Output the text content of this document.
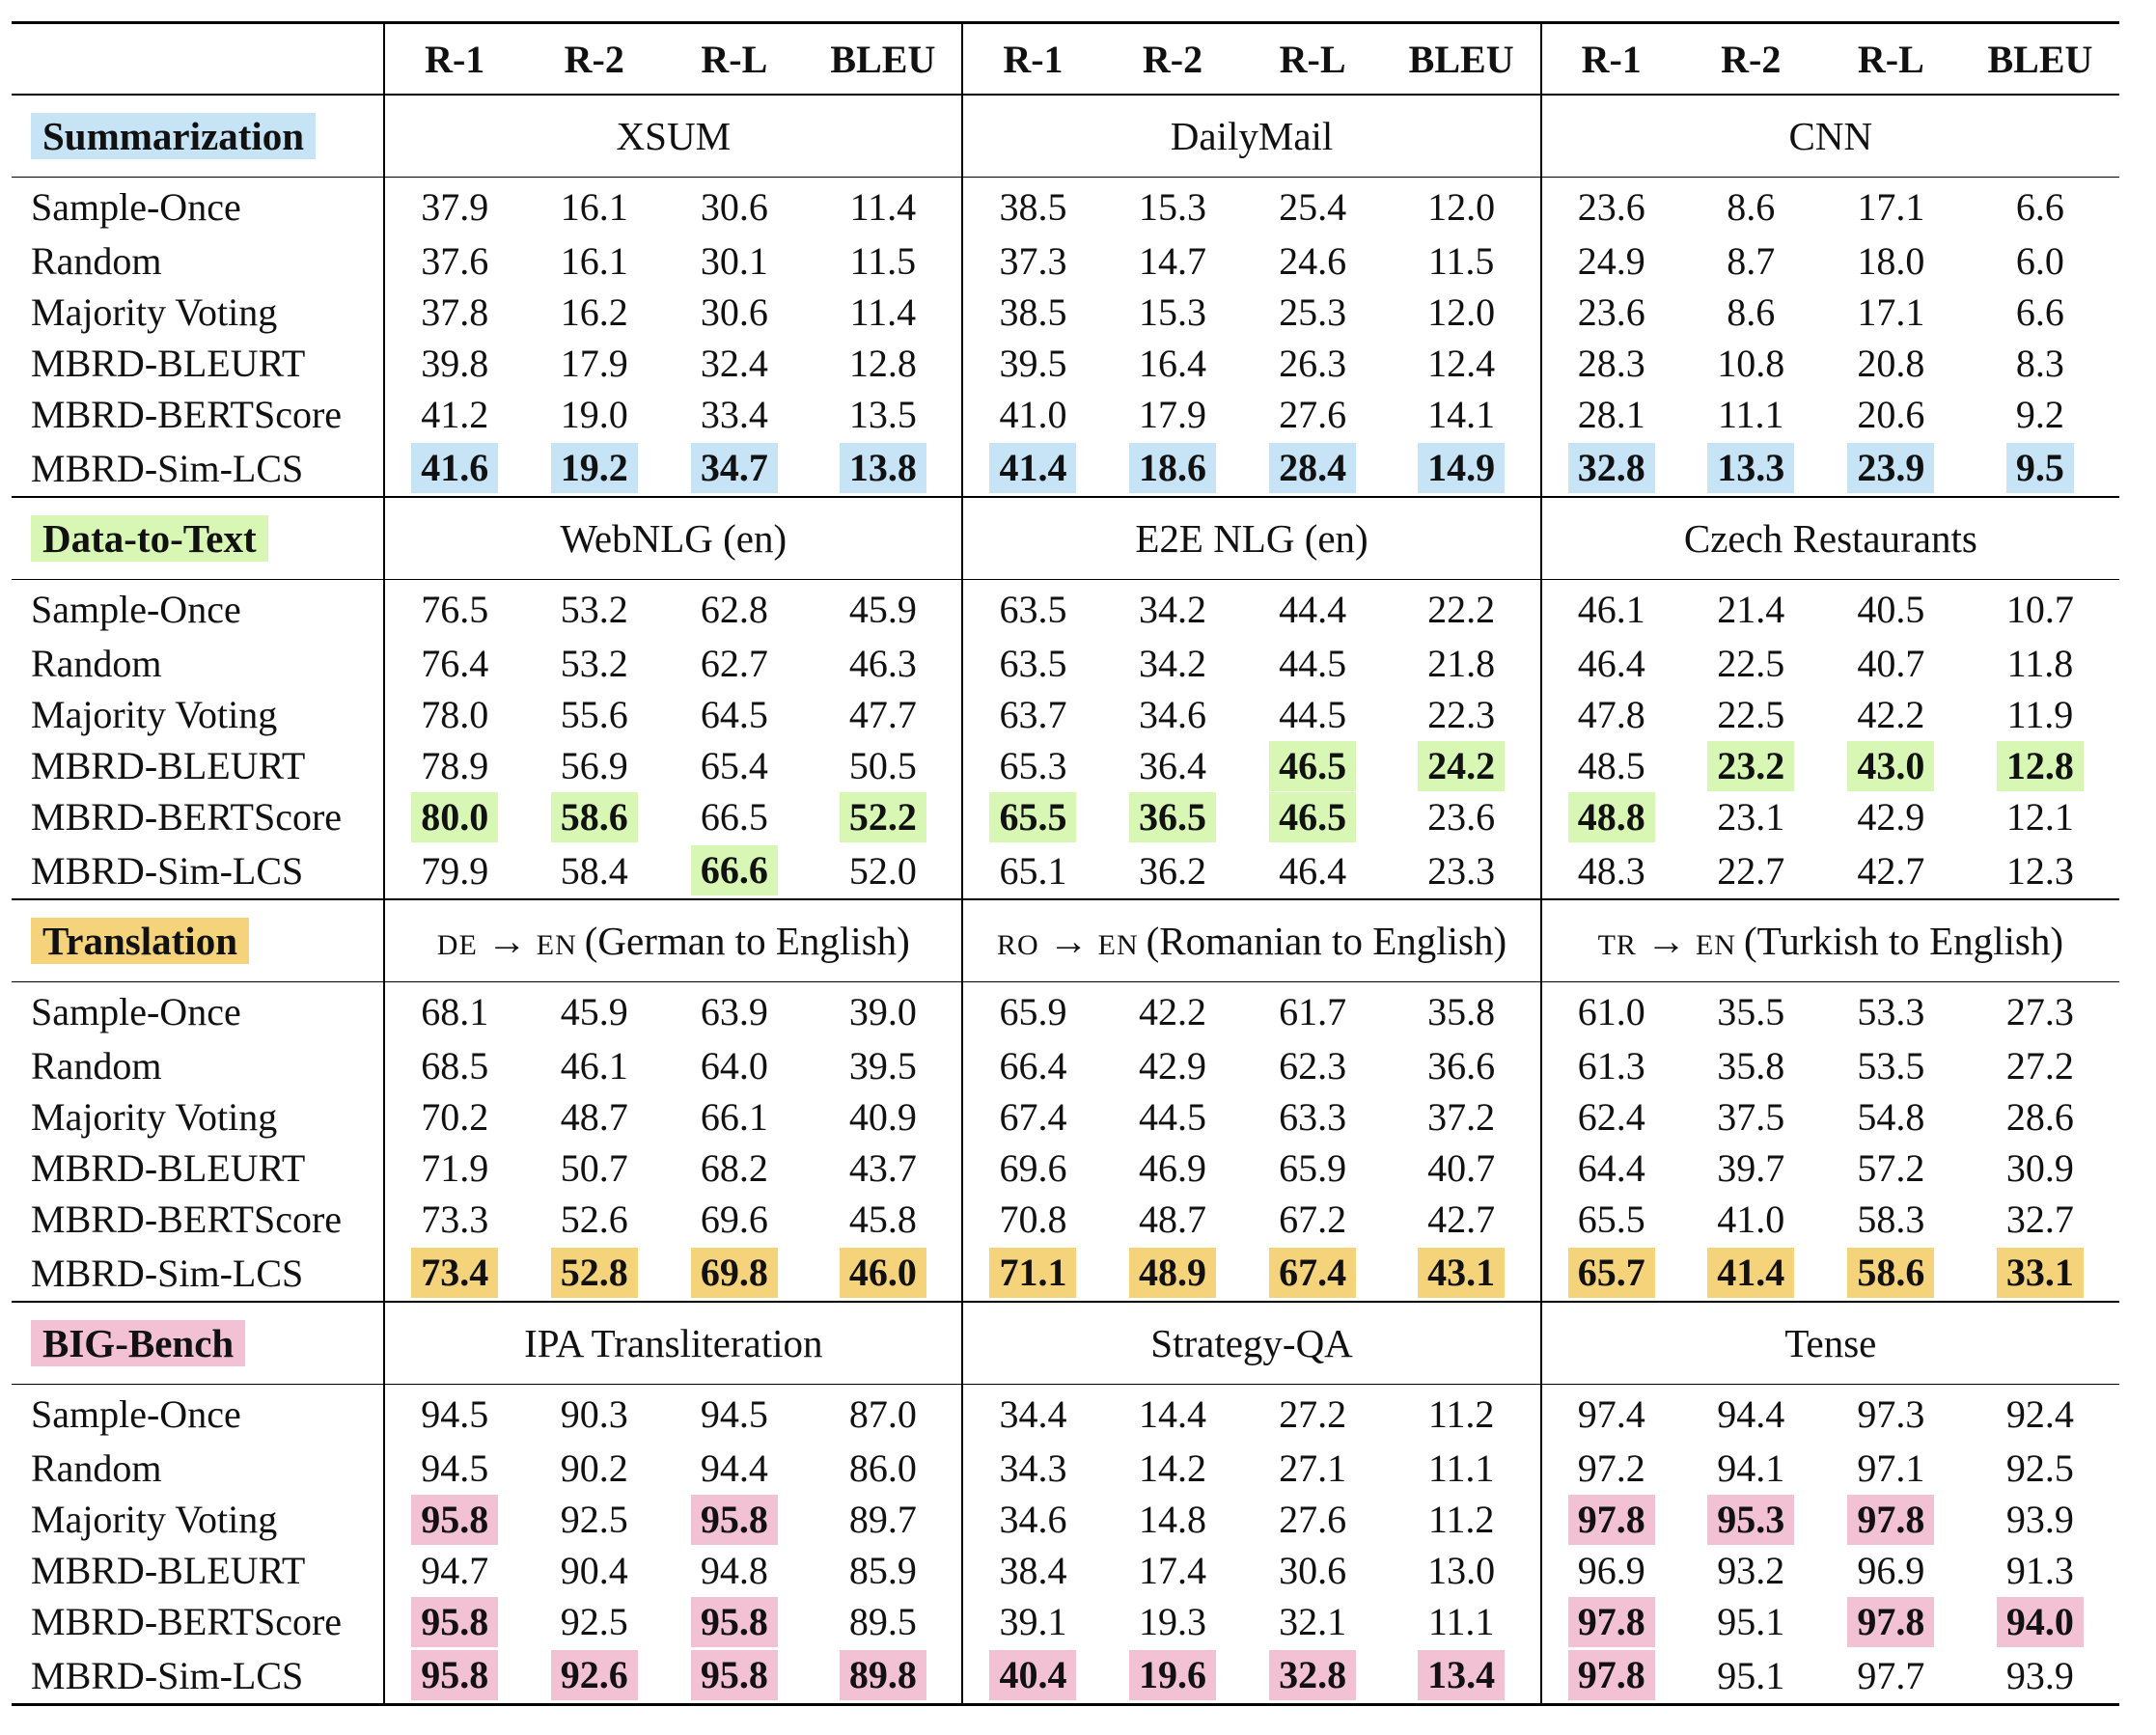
	R-1	R-2	R-L	BLEU	R-1	R-2	R-L	BLEU	R-1	R-2	R-L	BLEU
Summarization	XSUM				DailyMail				CNN			
Sample-Once	37.9	16.1	30.6	11.4	38.5	15.3	25.4	12.0	23.6	8.6	17.1	6.6
Random	37.6	16.1	30.1	11.5	37.3	14.7	24.6	11.5	24.9	8.7	18.0	6.0
Majority Voting	37.8	16.2	30.6	11.4	38.5	15.3	25.3	12.0	23.6	8.6	17.1	6.6
MBRD-BLEURT	39.8	17.9	32.4	12.8	39.5	16.4	26.3	12.4	28.3	10.8	20.8	8.3
MBRD-BERTScore	41.2	19.0	33.4	13.5	41.0	17.9	27.6	14.1	28.1	11.1	20.6	9.2
MBRD-Sim-LCS	41.6	19.2	34.7	13.8	41.4	18.6	28.4	14.9	32.8	13.3	23.9	9.5
Data-to-Text	WebNLG (en)				E2E NLG (en)				Czech Restaurants			
Sample-Once	76.5	53.2	62.8	45.9	63.5	34.2	44.4	22.2	46.1	21.4	40.5	10.7
Random	76.4	53.2	62.7	46.3	63.5	34.2	44.5	21.8	46.4	22.5	40.7	11.8
Majority Voting	78.0	55.6	64.5	47.7	63.7	34.6	44.5	22.3	47.8	22.5	42.2	11.9
MBRD-BLEURT	78.9	56.9	65.4	50.5	65.3	36.4	46.5	24.2	48.5	23.2	43.0	12.8
MBRD-BERTScore	80.0	58.6	66.5	52.2	65.5	36.5	46.5	23.6	48.8	23.1	42.9	12.1
MBRD-Sim-LCS	79.9	58.4	66.6	52.0	65.1	36.2	46.4	23.3	48.3	22.7	42.7	12.3
Translation	DE → EN (German to English)				RO → EN (Romanian to English)				TR → EN (Turkish to English)			
Sample-Once	68.1	45.9	63.9	39.0	65.9	42.2	61.7	35.8	61.0	35.5	53.3	27.3
Random	68.5	46.1	64.0	39.5	66.4	42.9	62.3	36.6	61.3	35.8	53.5	27.2
Majority Voting	70.2	48.7	66.1	40.9	67.4	44.5	63.3	37.2	62.4	37.5	54.8	28.6
MBRD-BLEURT	71.9	50.7	68.2	43.7	69.6	46.9	65.9	40.7	64.4	39.7	57.2	30.9
MBRD-BERTScore	73.3	52.6	69.6	45.8	70.8	48.7	67.2	42.7	65.5	41.0	58.3	32.7
MBRD-Sim-LCS	73.4	52.8	69.8	46.0	71.1	48.9	67.4	43.1	65.7	41.4	58.6	33.1
BIG-Bench	IPA Transliteration				Strategy-QA				Tense			
Sample-Once	94.5	90.3	94.5	87.0	34.4	14.4	27.2	11.2	97.4	94.4	97.3	92.4
Random	94.5	90.2	94.4	86.0	34.3	14.2	27.1	11.1	97.2	94.1	97.1	92.5
Majority Voting	95.8	92.5	95.8	89.7	34.6	14.8	27.6	11.2	97.8	95.3	97.8	93.9
MBRD-BLEURT	94.7	90.4	94.8	85.9	38.4	17.4	30.6	13.0	96.9	93.2	96.9	91.3
MBRD-BERTScore	95.8	92.5	95.8	89.5	39.1	19.3	32.1	11.1	97.8	95.1	97.8	94.0
MBRD-Sim-LCS	95.8	92.6	95.8	89.8	40.4	19.6	32.8	13.4	97.8	95.1	97.7	93.9
